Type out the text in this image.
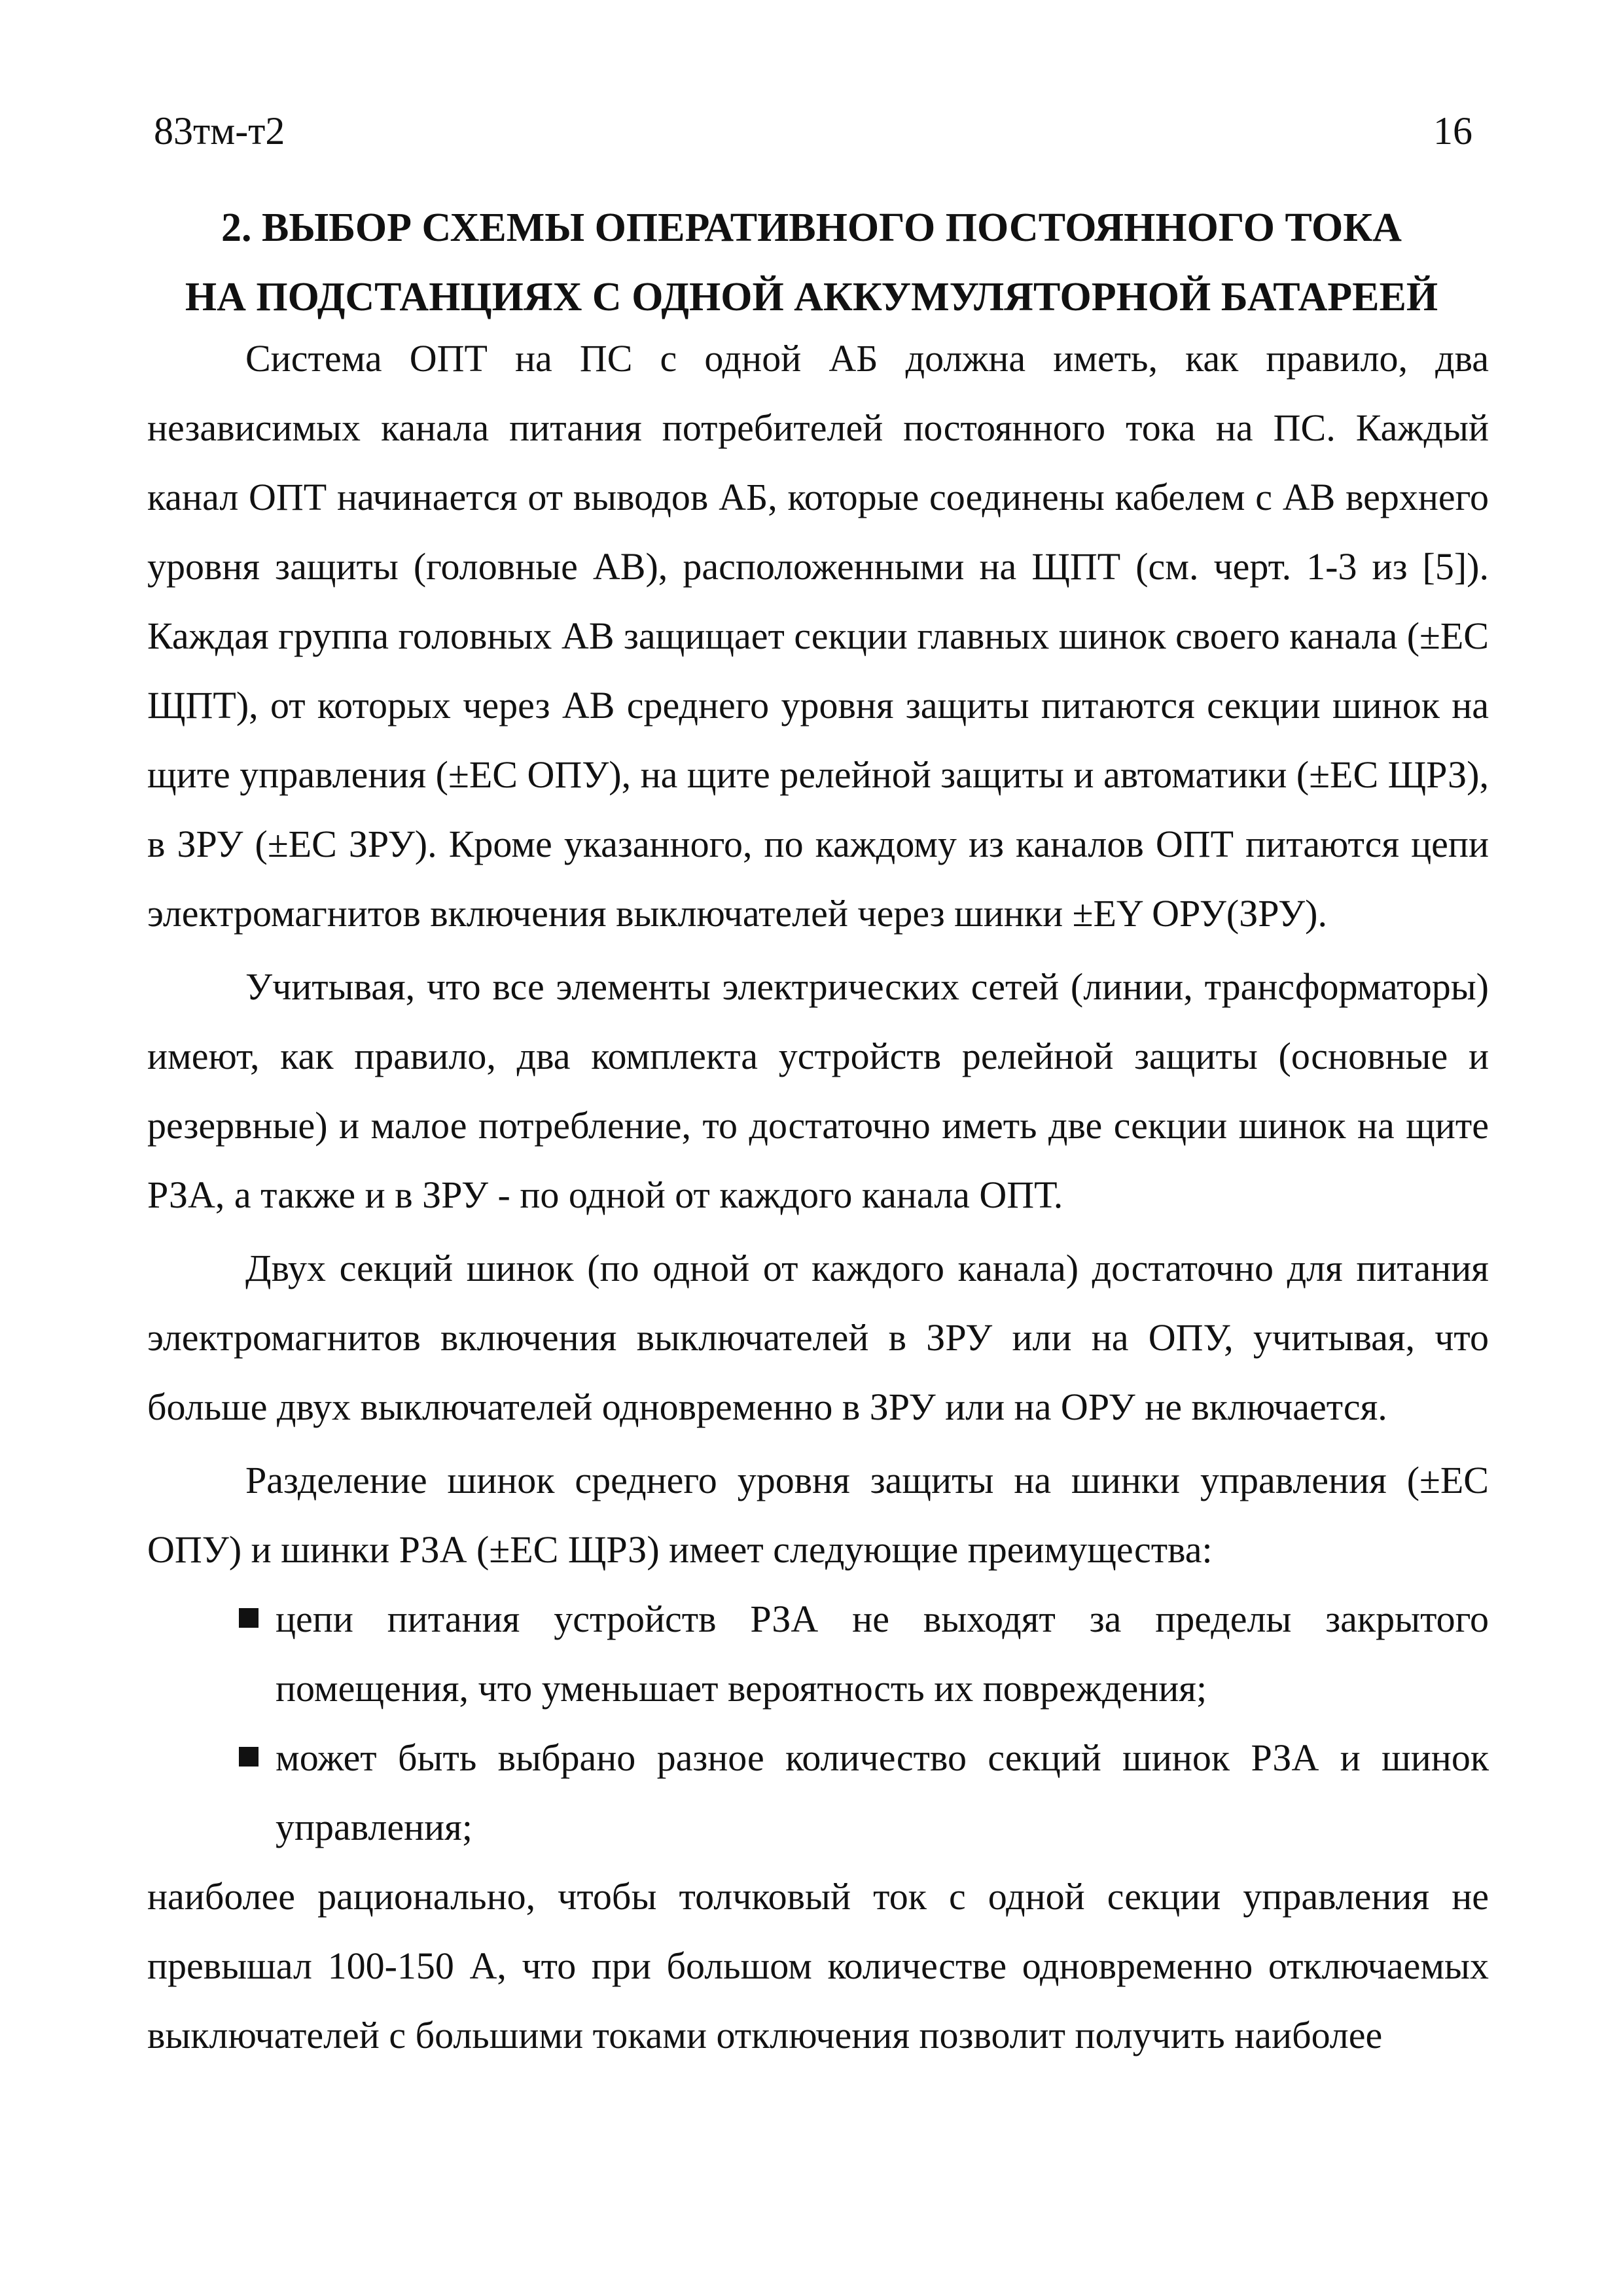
83тм-т2	16
2. ВЫБОР СХЕМЫ ОПЕРАТИВНОГО ПОСТОЯННОГО ТОКА
НА ПОДСТАНЦИЯХ С ОДНОЙ АККУМУЛЯТОРНОЙ БАТАРЕЕЙ

Система ОПТ на ПС с одной АБ должна иметь, как правило, два независимых канала питания потребителей постоянного тока на ПС. Каждый канал ОПТ начинается от выводов АБ, которые соединены кабелем с АВ верхнего уровня защиты (головные АВ), расположенными на ЩПТ (см. черт. 1-3 из [5]). Каждая группа головных АВ защищает секции главных шинок своего канала (±ЕС ЩПТ), от которых через АВ среднего уровня защиты питаются секции шинок на щите управления (±ЕС ОПУ), на щите релейной защиты и автоматики (±ЕС ЩРЗ), в ЗРУ (±ЕС ЗРУ). Кроме указанного, по каждому из каналов ОПТ питаются цепи электромагнитов включения выключателей через шинки ±ЕY ОРУ(ЗРУ).

Учитывая, что все элементы электрических сетей (линии, трансформаторы) имеют, как правило, два комплекта устройств релейной защиты (основные и резервные) и малое потребление, то достаточно иметь две секции шинок на щите РЗА, а также и в ЗРУ - по одной от каждого канала ОПТ.

Двух секций шинок (по одной от каждого канала) достаточно для питания электромагнитов включения выключателей в ЗРУ или на ОПУ, учитывая, что больше двух выключателей одновременно в ЗРУ или на ОРУ не включается.

Разделение шинок среднего уровня защиты на шинки управления (±ЕС ОПУ) и шинки РЗА (±ЕС ЩРЗ) имеет следующие преимущества:

цепи питания устройств РЗА не выходят за пределы закрытого помещения, что уменьшает вероятность их повреждения;
может быть выбрано разное количество секций шинок РЗА и шинок управления;

наиболее рационально, чтобы толчковый ток с одной секции управления не превышал 100-150 А, что при большом количестве одновременно отключаемых выключателей с большими токами отключения позволит получить наиболее
